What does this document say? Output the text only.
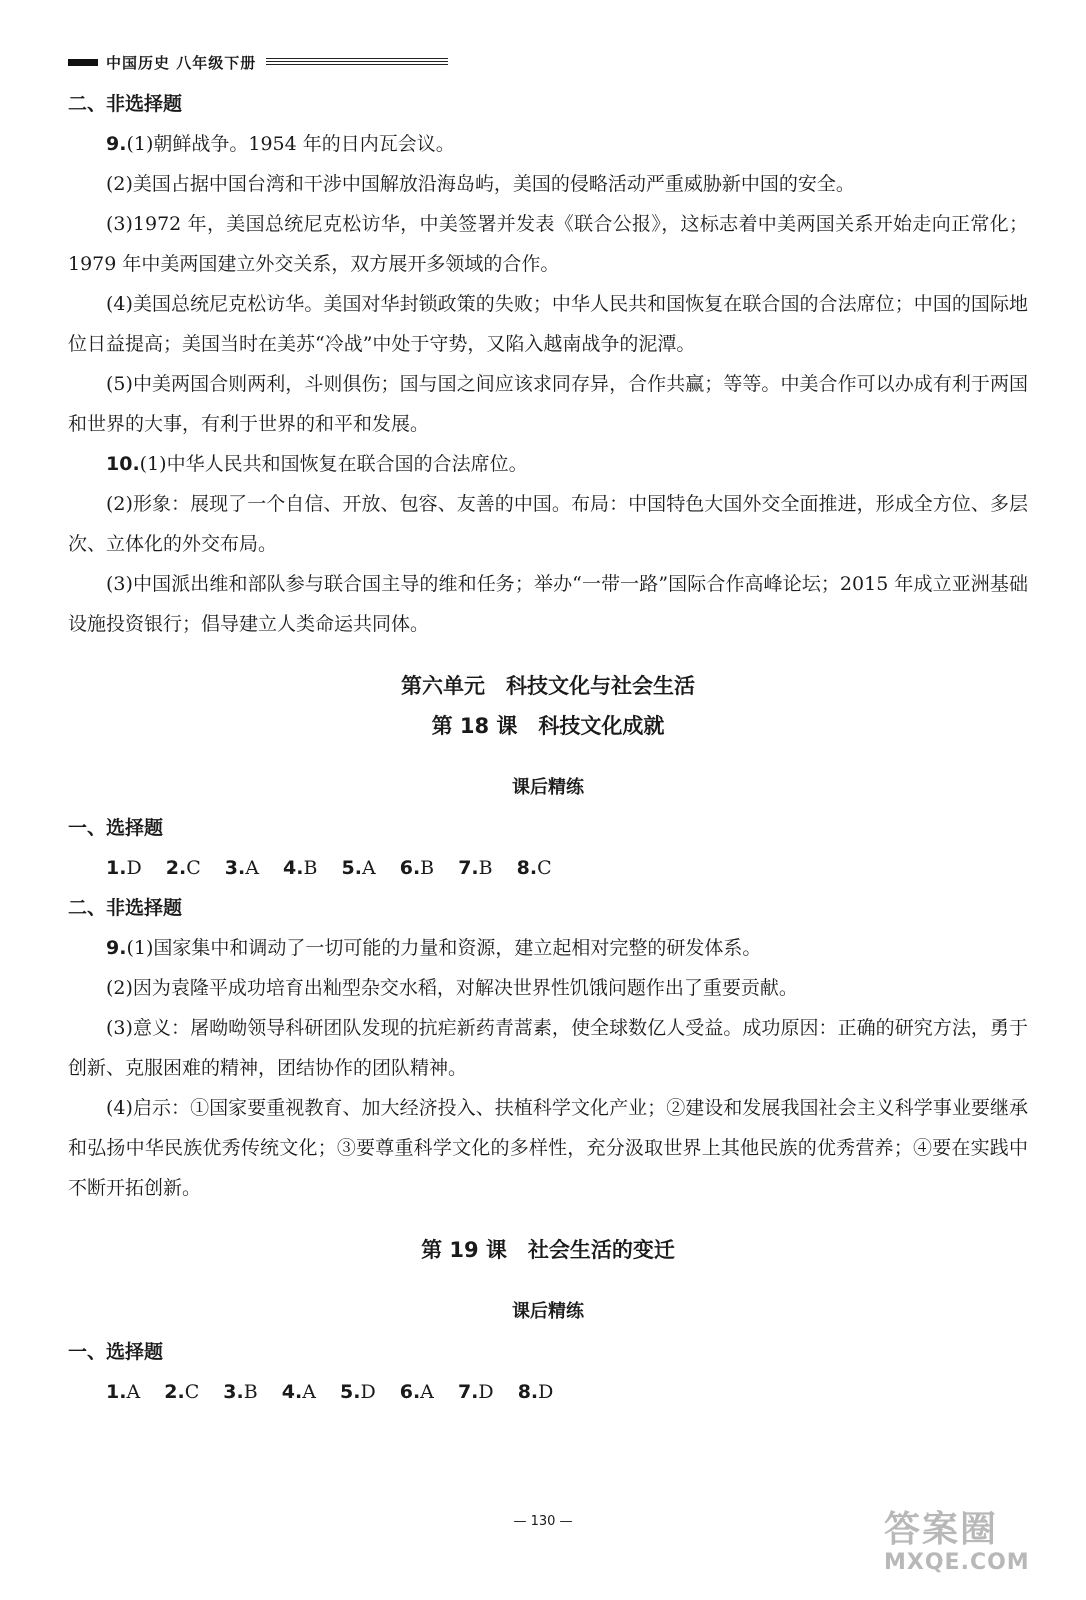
中国历史 八年级下册
二、非选择题

9.(1)朝鲜战争。1954 年的日内瓦会议。

(2)美国占据中国台湾和干涉中国解放沿海岛屿，美国的侵略活动严重威胁新中国的安全。

(3)1972 年，美国总统尼克松访华，中美签署并发表《联合公报》，这标志着中美两国关系开始走向正常化；1979 年中美两国建立外交关系，双方展开多领域的合作。

(4)美国总统尼克松访华。美国对华封锁政策的失败；中华人民共和国恢复在联合国的合法席位；中国的国际地位日益提高；美国当时在美苏“冷战”中处于守势，又陷入越南战争的泥潭。

(5)中美两国合则两利，斗则俱伤；国与国之间应该求同存异，合作共赢；等等。中美合作可以办成有利于两国和世界的大事，有利于世界的和平和发展。

10.(1)中华人民共和国恢复在联合国的合法席位。

(2)形象：展现了一个自信、开放、包容、友善的中国。布局：中国特色大国外交全面推进，形成全方位、多层次、立体化的外交布局。

(3)中国派出维和部队参与联合国主导的维和任务；举办“一带一路”国际合作高峰论坛；2015 年成立亚洲基础设施投资银行；倡导建立人类命运共同体。

第六单元　科技文化与社会生活
第 18 课　科技文化成就
课后精练
一、选择题

1.D 2.C 3.A 4.B 5.A 6.B 7.B 8.C

二、非选择题

9.(1)国家集中和调动了一切可能的力量和资源，建立起相对完整的研发体系。

(2)因为袁隆平成功培育出籼型杂交水稻，对解决世界性饥饿问题作出了重要贡献。

(3)意义：屠呦呦领导科研团队发现的抗疟新药青蒿素，使全球数亿人受益。成功原因：正确的研究方法，勇于创新、克服困难的精神，团结协作的团队精神。

(4)启示：①国家要重视教育、加大经济投入、扶植科学文化产业；②建设和发展我国社会主义科学事业要继承和弘扬中华民族优秀传统文化；③要尊重科学文化的多样性，充分汲取世界上其他民族的优秀营养；④要在实践中不断开拓创新。

第 19 课　社会生活的变迁
课后精练
一、选择题

1.A 2.C 3.B 4.A 5.D 6.A 7.D 8.D

— 130 —	答案圈
MXQE.COM
